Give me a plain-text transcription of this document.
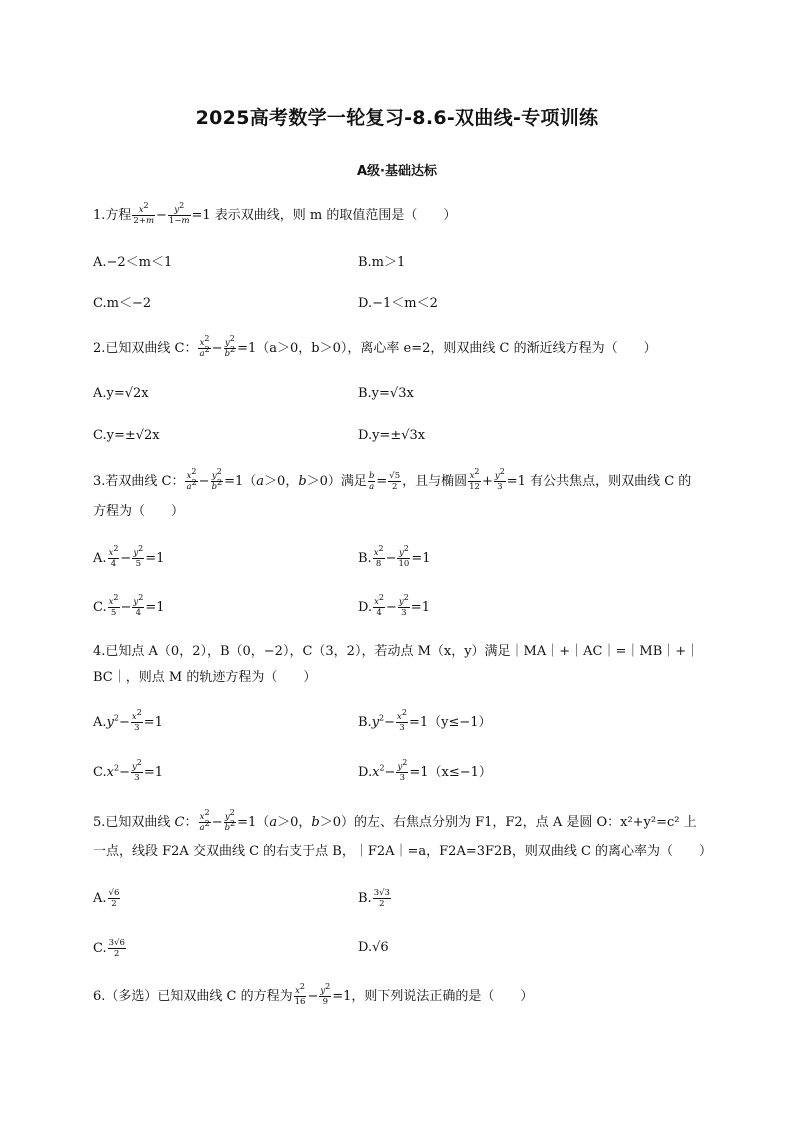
2025高考数学一轮复习-8.6-双曲线-专项训练
A级·基础达标
1.方程 $\frac{x^2}{2+m} - \frac{y^2}{1-m} =1$ 表示双曲线，则 m 的取值范围是（　　）
A.−2＜m＜1	B.m＞1
C.m＜−2	D.−1＜m＜2
2.已知双曲线 C： $\frac{x^2}{a^2} - \frac{y^2}{b^2} =1(a>0$，b＞0），离心率 e=2，则双曲线 C 的渐近线方程为（　　）
A.y=√2x	B.y=√3x
C.y=±√2x	D.y=±√3x
3.若双曲线 C： $\frac{x^2}{a^2} - \frac{y^2}{b^2} =1(a>0$，b＞0）满足 $\frac{b}{a} = \frac{√5}{2}$ ，且与椭圆 $\frac{x^2}{12} + \frac{y^2}{3} =1$ 有公共焦点，则双曲线 C 的
方程为（　　）
A. $\frac{x^2}{4} - \frac{y^2}{5} =1$	B. $\frac{x^2}{8} - \frac{y^2}{10} =1$
C. $\frac{x^2}{5} - \frac{y^2}{4} =1$	D. $\frac{x^2}{4} - \frac{y^2}{3} =1$
4.已知点 A（0，2），B（0，−2），C（3，2），若动点 M（x，y）满足｜MA｜+｜AC｜=｜MB｜+｜
BC｜，则点 M 的轨迹方程为（　　）
$A.y^2- \frac{x^2}{3} =1$	$B.y^2- \frac{x^2}{3} =1(y\le-1)$
$C.x^2- \frac{y^2}{3} =1$	$D.x^2- \frac{y^2}{3} =1(x\le-1)$
5.已知双曲线 C： $\frac{x^2}{a^2} - \frac{y^2}{b^2} =1(a>0$，b＞0）的左、右焦点分别为 F1，F2，点 A 是圆 O：x²+y²=c² 上
一点，线段 F2A 交双曲线 C 的右支于点 B，｜F2A｜=a，F2A=3F2B，则双曲线 C 的离心率为（　　）
A. $\frac{√6}{2}$	B. $\frac{3√3}{2}$
C. $\frac{3√6}{2}$	D.√6
6.（多选）已知双曲线 C 的方程为 $\frac{x^2}{16} - \frac{y^2}{9} =1$，则下列说法正确的是（　　）
